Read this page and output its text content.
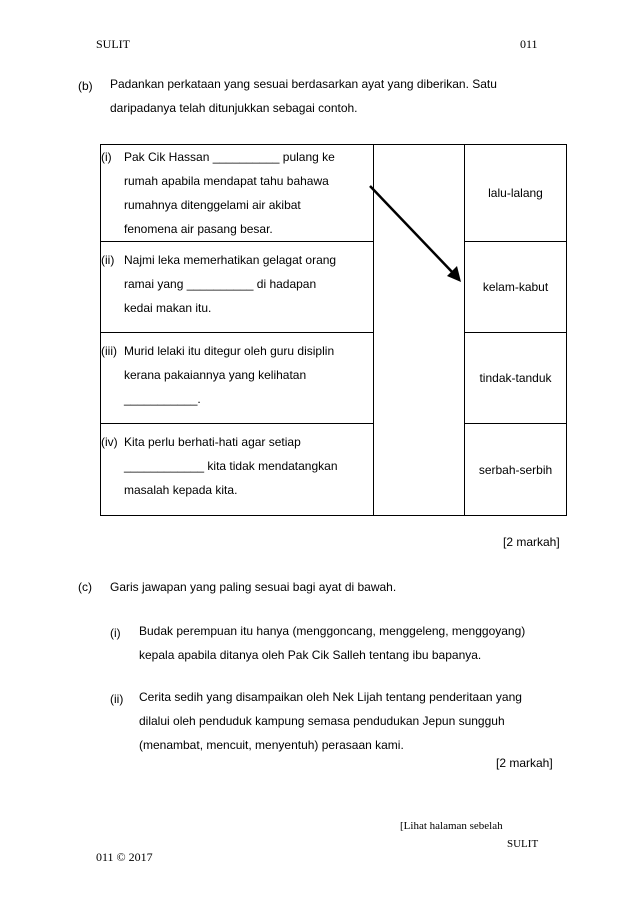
SULIT	011
(b) Padankan perkataan yang sesuai berdasarkan ayat yang diberikan. Satu
daripadanya telah ditunjukkan sebagai contoh.
(i) Pak Cik Hassan __________ pulang ke
rumah apabila mendapat tahu bahawa
rumahnya ditenggelami air akibat
fenomena air pasang besar.		lalu-lalang

(ii) Najmi leka memerhatikan gelagat orang
ramai yang __________ di hadapan
kedai makan itu.		kelam-kabut

(iii) Murid lelaki itu ditegur oleh guru disiplin
kerana pakaiannya yang kelihatan
___________.		tindak-tanduk

(iv) Kita perlu berhati-hati agar setiap
____________ kita tidak mendatangkan
masalah kepada kita.		serbah-serbih
[2 markah]
(c) Garis jawapan yang paling sesuai bagi ayat di bawah.
(i) Budak perempuan itu hanya (menggoncang, menggeleng, menggoyang)
kepala apabila ditanya oleh Pak Cik Salleh tentang ibu bapanya.
(ii) Cerita sedih yang disampaikan oleh Nek Lijah tentang penderitaan yang
dilalui oleh penduduk kampung semasa pendudukan Jepun sungguh
(menambat, mencuit, menyentuh) perasaan kami.
[2 markah]
[Lihat halaman sebelah
SULIT
011 © 2017
